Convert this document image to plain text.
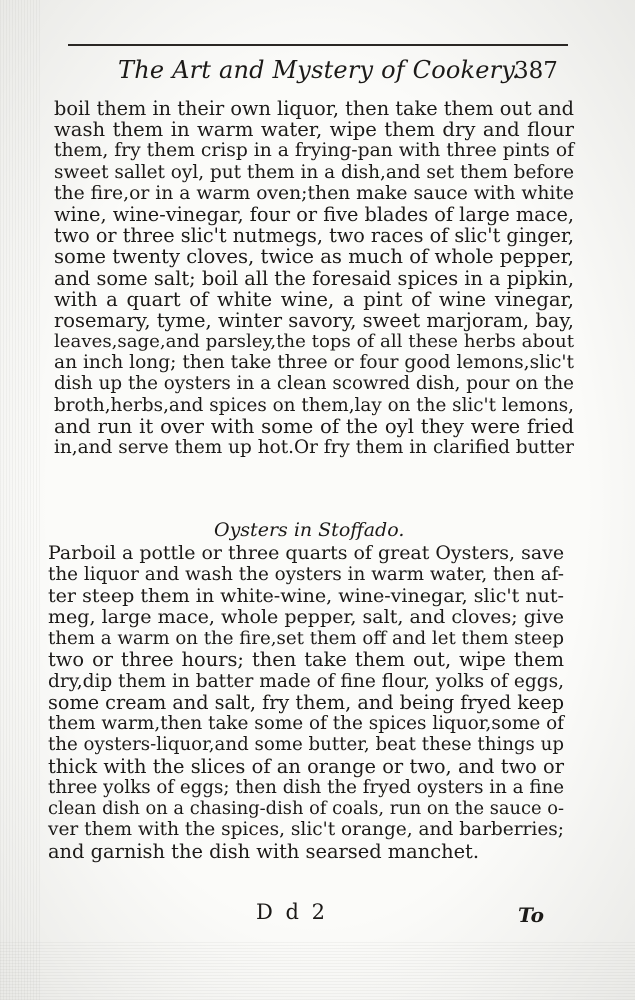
The Art and Mystery of Cookery.
387
boil them in their own liquor, then take them out and
wash them in warm water, wipe them dry and flour
them, fry them crisp in a frying-pan with three pints of
sweet sallet oyl, put them in a dish,and set them before
the fire,or in a warm oven;then make sauce with white
wine, wine-vinegar, four or five blades of large mace,
two or three slic't nutmegs, two races of slic't ginger,
some twenty cloves, twice as much of whole pepper,
and some salt; boil all the foresaid spices in a pipkin,
with a quart of white wine, a pint of wine vinegar,
rosemary, tyme, winter savory, sweet marjoram, bay,
leaves,sage,and parsley,the tops of all these herbs about
an inch long; then take three or four good lemons,slic't
dish up the oysters in a clean scowred dish, pour on the
broth,herbs,and spices on them,lay on the slic't lemons,
and run it over with some of the oyl they were fried
in,and serve them up hot.Or fry them in clarified butter
Oysters in Stoffado.
Parboil a pottle or three quarts of great Oysters, save
the liquor and wash the oysters in warm water, then af-
ter steep them in white-wine, wine-vinegar, slic't nut-
meg, large mace, whole pepper, salt, and cloves; give
them a warm on the fire,set them off and let them steep
two or three hours; then take them out, wipe them
dry,dip them in batter made of fine flour, yolks of eggs,
some cream and salt, fry them, and being fryed keep
them warm,then take some of the spices liquor,some of
the oysters-liquor,and some butter, beat these things up
thick with the slices of an orange or two, and two or
three yolks of eggs; then dish the fryed oysters in a fine
clean dish on a chasing-dish of coals, run on the sauce o-
ver them with the spices, slic't orange, and barberries;
and garnish the dish with searsed manchet.
D d 2	To
